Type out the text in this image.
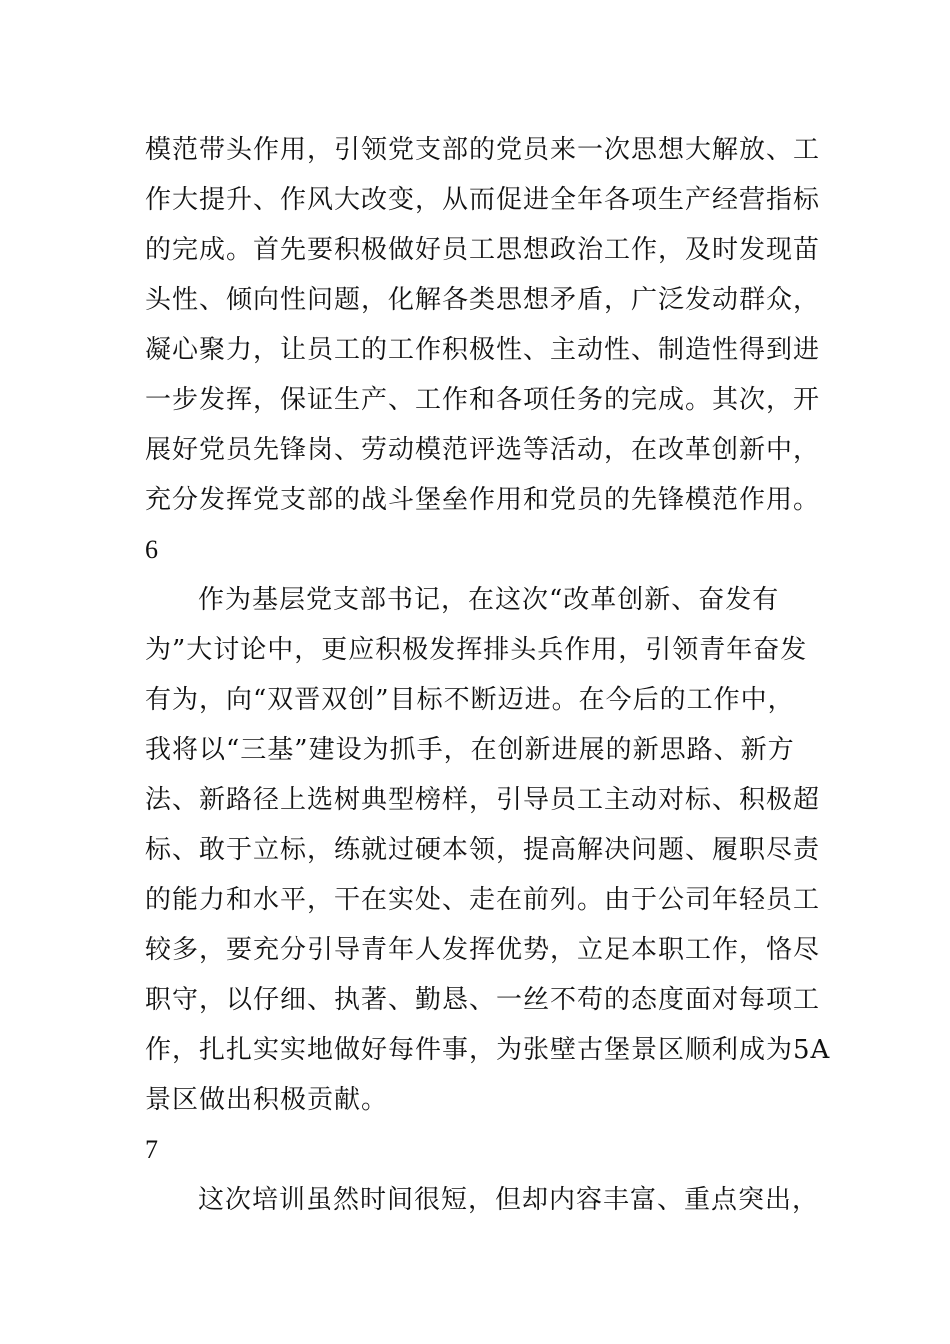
模范带头作用，引领党支部的党员来一次思想大解放、工
作大提升、作风大改变，从而促进全年各项生产经营指标
的完成。首先要积极做好员工思想政治工作，及时发现苗
头性、倾向性问题，化解各类思想矛盾，广泛发动群众，
凝心聚力，让员工的工作积极性、主动性、制造性得到进
一步发挥，保证生产、工作和各项任务的完成。其次，开
展好党员先锋岗、劳动模范评选等活动，在改革创新中，
充分发挥党支部的战斗堡垒作用和党员的先锋模范作用。
6
作为基层党支部书记，在这次“改革创新、奋发有
为”大讨论中，更应积极发挥排头兵作用，引领青年奋发
有为，向“双晋双创”目标不断迈进。在今后的工作中，
我将以“三基”建设为抓手，在创新进展的新思路、新方
法、新路径上选树典型榜样，引导员工主动对标、积极超
标、敢于立标，练就过硬本领，提高解决问题、履职尽责
的能力和水平，干在实处、走在前列。由于公司年轻员工
较多，要充分引导青年人发挥优势，立足本职工作，恪尽
职守，以仔细、执著、勤恳、一丝不苟的态度面对每项工
作，扎扎实实地做好每件事，为张壁古堡景区顺利成为5A
景区做出积极贡献。
7
这次培训虽然时间很短，但却内容丰富、重点突出，
